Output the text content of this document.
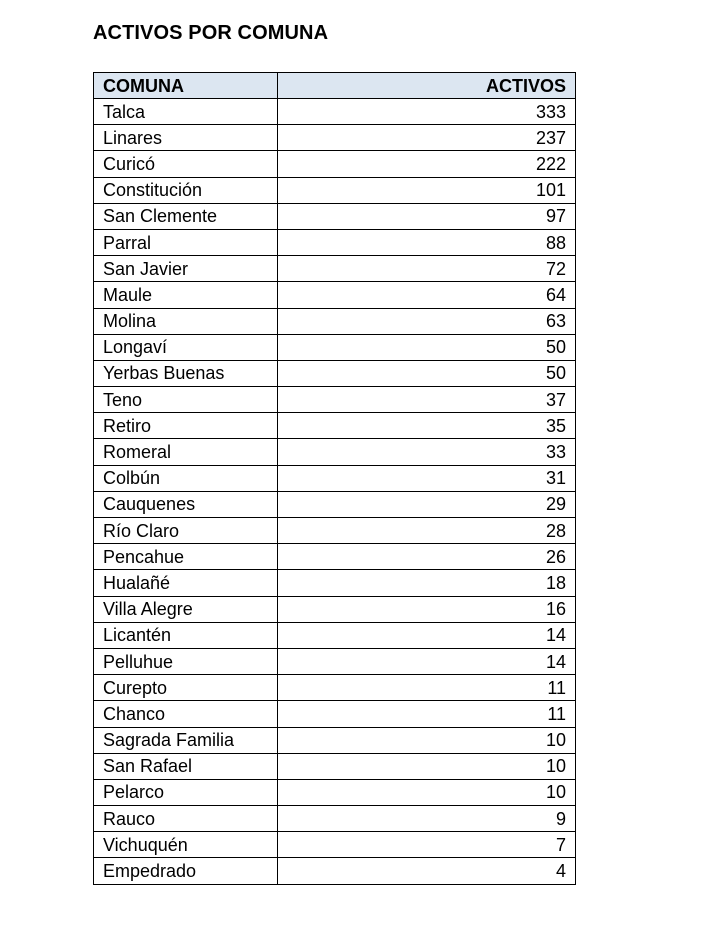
ACTIVOS POR COMUNA
COMUNA	ACTIVOS
Talca	333
Linares	237
Curicó	222
Constitución	101
San Clemente	97
Parral	88
San Javier	72
Maule	64
Molina	63
Longaví	50
Yerbas Buenas	50
Teno	37
Retiro	35
Romeral	33
Colbún	31
Cauquenes	29
Río Claro	28
Pencahue	26
Hualañé	18
Villa Alegre	16
Licantén	14
Pelluhue	14
Curepto	11
Chanco	11
Sagrada Familia	10
San Rafael	10
Pelarco	10
Rauco	9
Vichuquén	7
Empedrado	4
